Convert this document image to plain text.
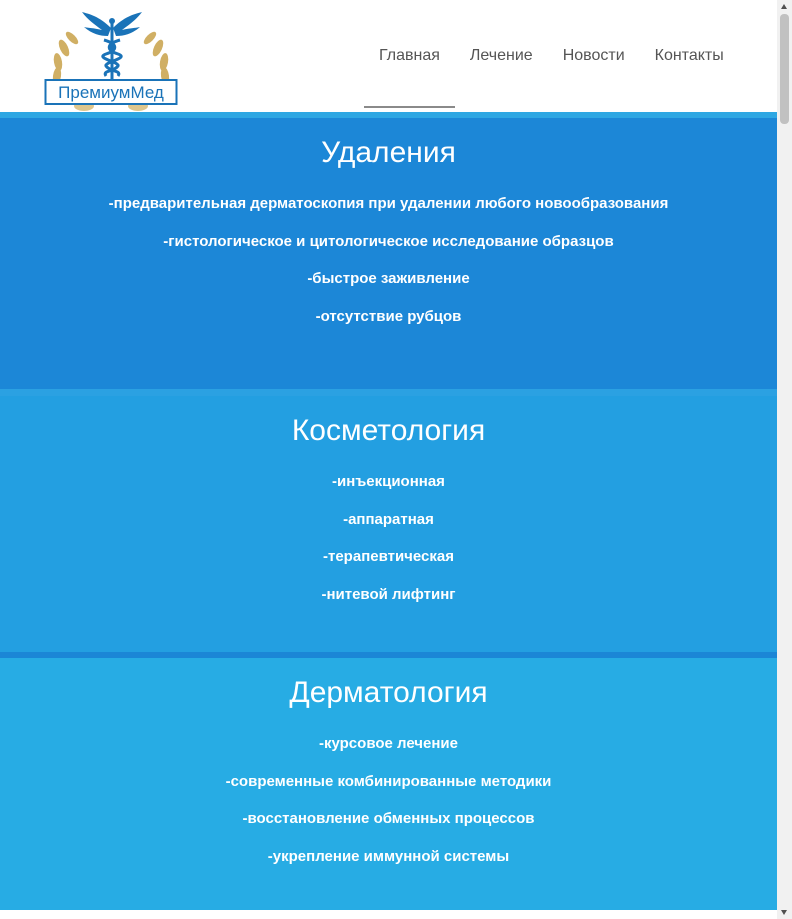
ПремиумМед
Главная	Лечение	Новости	Контакты
Удаления
-предварительная дерматоскопия при удалении любого новообразования
-гистологическое и цитологическое исследование образцов
-быстрое заживление
-отсутствие рубцов
Косметология
-инъекционная
-аппаратная
-терапевтическая
-нитевой лифтинг
Дерматология
-курсовое лечение
-современные комбинированные методики
-восстановление обменных процессов
-укрепление иммунной системы
